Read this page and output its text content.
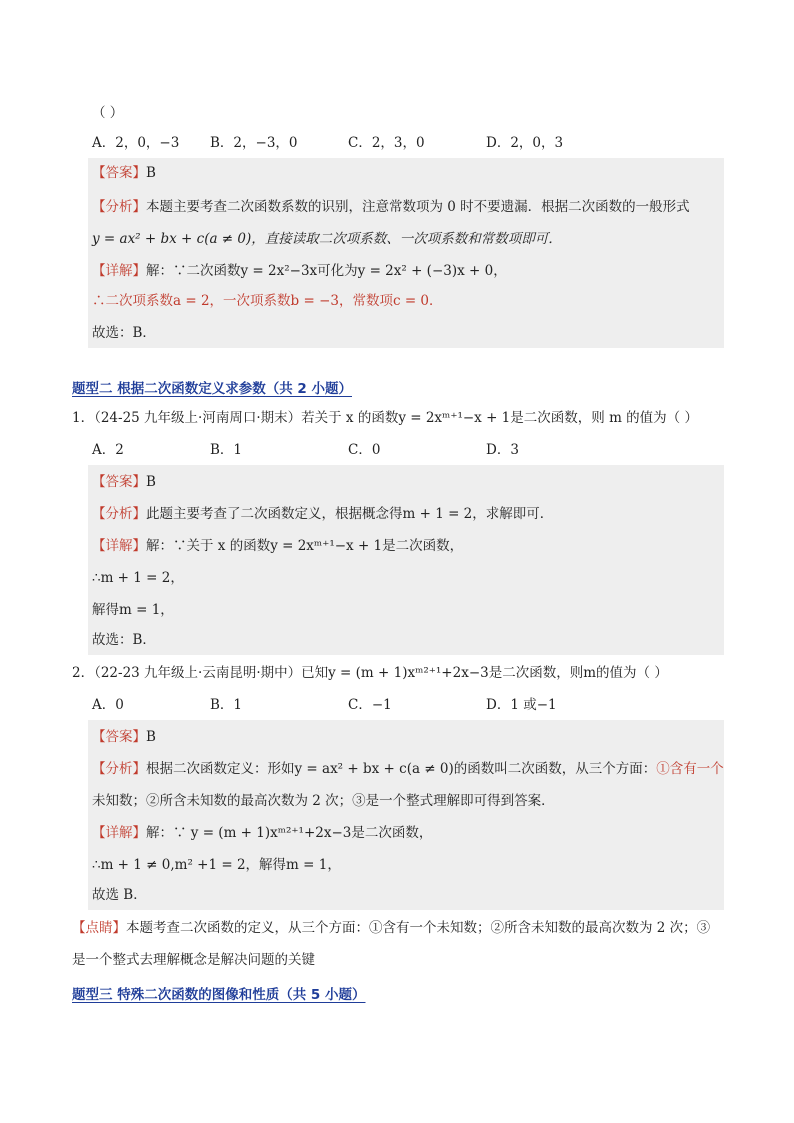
（ ）
A．2，0，−3 B．2，−3，0	C．2，3，0	D．2，0，3
【答案】B
【分析】本题主要考查二次函数系数的识别，注意常数项为 0 时不要遗漏．根据二次函数的一般形式
y = ax² + bx + c(a ≠ 0)，直接读取二次项系数、一次项系数和常数项即可．
【详解】解：∵二次函数y = 2x²−3x可化为y = 2x² + (−3)x + 0，
∴二次项系数a = 2，一次项系数b = −3，常数项c = 0．
故选：B．
题型二 根据二次函数定义求参数（共 2 小题）
1．（24-25 九年级上·河南周口·期末）若关于 x 的函数y = 2xᵐ⁺¹−x + 1是二次函数，则 m 的值为（ ）
A．2	B．1	C．0	D．3
【答案】B
【分析】此题主要考查了二次函数定义，根据概念得m + 1 = 2，求解即可．
【详解】解：∵关于 x 的函数y = 2xᵐ⁺¹−x + 1是二次函数，
∴m + 1 = 2，
解得m = 1，
故选：B．
2．（22-23 九年级上·云南昆明·期中）已知y = (m + 1)xᵐ²⁺¹+2x−3是二次函数，则m的值为（ ）
A．0	B．1	C．−1	D．1 或−1
【答案】B
【分析】根据二次函数定义：形如y = ax² + bx + c(a ≠ 0)的函数叫二次函数，从三个方面：①含有一个
未知数；②所含未知数的最高次数为 2 次；③是一个整式理解即可得到答案．
【详解】解：∵ y = (m + 1)xᵐ²⁺¹+2x−3是二次函数，
∴m + 1 ≠ 0,m² +1 = 2，解得m = 1，
故选 B．
【点睛】本题考查二次函数的定义，从三个方面：①含有一个未知数；②所含未知数的最高次数为 2 次；③
是一个整式去理解概念是解决问题的关键
题型三 特殊二次函数的图像和性质（共 5 小题）
